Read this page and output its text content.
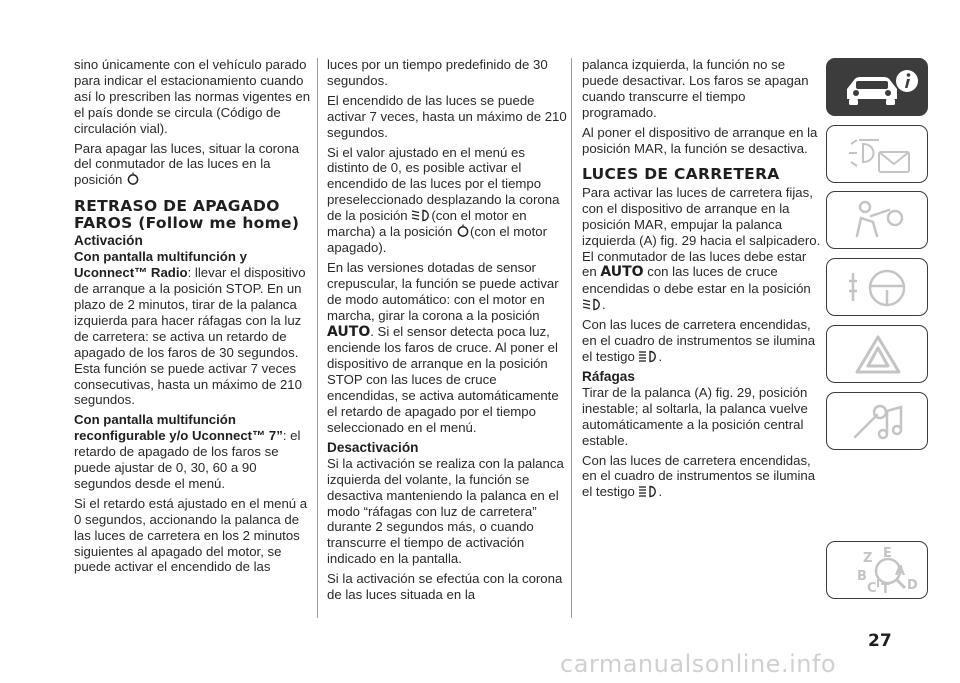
sino únicamente con el vehículo parado para indicar el estacionamiento cuando así lo prescriben las normas vigentes en el país donde se circula (Código de circulación vial).

Para apagar las luces, situar la corona del conmutador de las luces en la posición

RETRASO DE APAGADO FAROS (Follow me home)
Activación

Con pantalla multifunción y Uconnect™ Radio: llevar el dispositivo de arranque a la posición STOP. En un plazo de 2 minutos, tirar de la palanca izquierda para hacer ráfagas con la luz de carretera: se activa un retardo de apagado de los faros de 30 segundos. Esta función se puede activar 7 veces consecutivas, hasta un máximo de 210 segundos.

Con pantalla multifunción reconfigurable y/o Uconnect™ 7”: el retardo de apagado de los faros se puede ajustar de 0, 30, 60 a 90 segundos desde el menú.

Si el retardo está ajustado en el menú a 0 segundos, accionando la palanca de las luces de carretera en los 2 minutos siguientes al apagado del motor, se puede activar el encendido de las

luces por un tiempo predefinido de 30 segundos.

El encendido de las luces se puede activar 7 veces, hasta un máximo de 210 segundos.

Si el valor ajustado en el menú es distinto de 0, es posible activar el encendido de las luces por el tiempo preseleccionado desplazando la corona de la posición (con el motor en marcha) a la posición (con el motor apagado).

En las versiones dotadas de sensor crepuscular, la función se puede activar de modo automático: con el motor en marcha, girar la corona a la posición AUTO. Si el sensor detecta poca luz, enciende los faros de cruce. Al poner el dispositivo de arranque en la posición STOP con las luces de cruce encendidas, se activa automáticamente el retardo de apagado por el tiempo seleccionado en el menú.

Desactivación

Si la activación se realiza con la palanca izquierda del volante, la función se desactiva manteniendo la palanca en el modo “ráfagas con luz de carretera” durante 2 segundos más, o cuando transcurre el tiempo de activación indicado en la pantalla.

Si la activación se efectúa con la corona de las luces situada en la

palanca izquierda, la función no se puede desactivar. Los faros se apagan cuando transcurre el tiempo programado.

Al poner el dispositivo de arranque en la posición MAR, la función se desactiva.

LUCES DE CARRETERA

Para activar las luces de carretera fijas, con el dispositivo de arranque en la posición MAR, empujar la palanca izquierda (A) fig. 29 hacia el salpicadero. El conmutador de las luces debe estar en AUTO con las luces de cruce encendidas o debe estar en la posición .

Con las luces de carretera encendidas, en el cuadro de instrumentos se ilumina el testigo .

Ráfagas

Tirar de la palanca (A) fig. 29, posición inestable; al soltarla, la palanca vuelve automáticamente a la posición central estable.

Con las luces de carretera encendidas, en el cuadro de instrumentos se ilumina el testigo .

Z E
B A
C D
T
I
27
carmanualsonline.info
